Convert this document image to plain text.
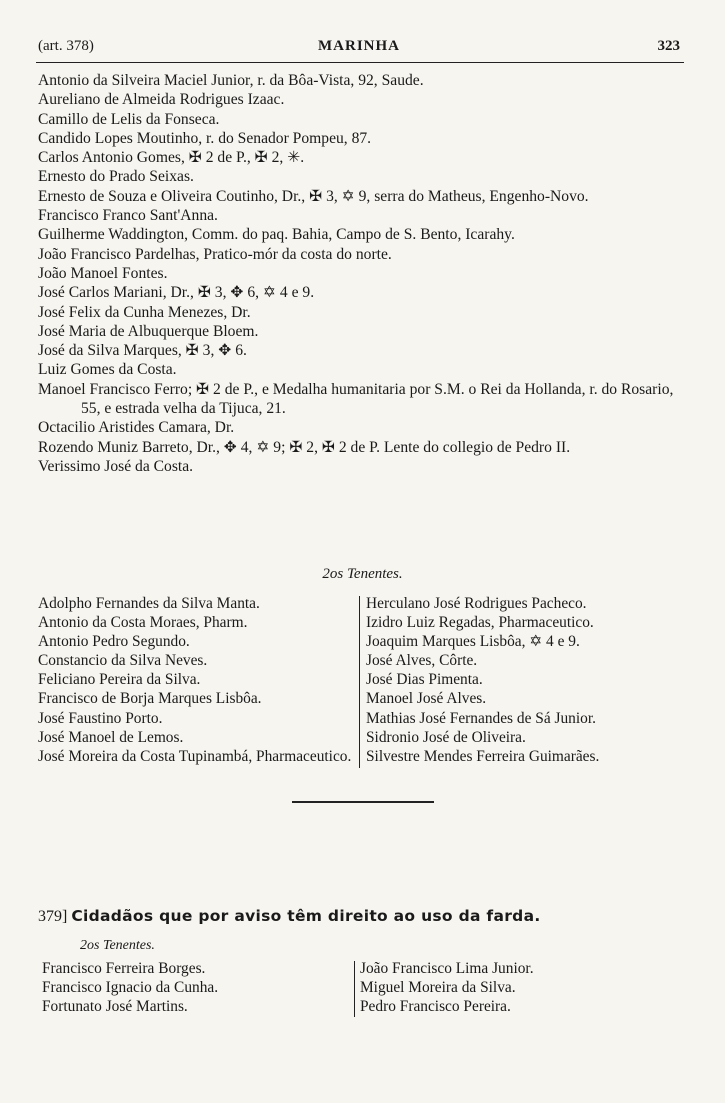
(art. 378)	MARINHA	323
Antonio da Silveira Maciel Junior, r. da Bôa-Vista, 92, Saude.
Aureliano de Almeida Rodrigues Izaac.
Camillo de Lelis da Fonseca.
Candido Lopes Moutinho, r. do Senador Pompeu, 87.
Carlos Antonio Gomes, ✠ 2 de P., ✠ 2, ✳.
Ernesto do Prado Seixas.
Ernesto de Souza e Oliveira Coutinho, Dr., ✠ 3, ✡ 9, serra do Matheus, Engenho-Novo.
Francisco Franco Sant'Anna.
Guilherme Waddington, Comm. do paq. Bahia, Campo de S. Bento, Icarahy.
João Francisco Pardelhas, Pratico-mór da costa do norte.
João Manoel Fontes.
José Carlos Mariani, Dr., ✠ 3, ✥ 6, ✡ 4 e 9.
José Felix da Cunha Menezes, Dr.
José Maria de Albuquerque Bloem.
José da Silva Marques, ✠ 3, ✥ 6.
Luiz Gomes da Costa.
Manoel Francisco Ferro; ✠ 2 de P., e Medalha humanitaria por S.M. o Rei da Hollanda, r. do Rosario, 55, e estrada velha da Tijuca, 21.
Octacilio Aristides Camara, Dr.
Rozendo Muniz Barreto, Dr., ✥ 4, ✡ 9; ✠ 2, ✠ 2 de P. Lente do collegio de Pedro II.
Verissimo José da Costa.
2os Tenentes.
Adolpho Fernandes da Silva Manta.
Antonio da Costa Moraes, Pharm.
Antonio Pedro Segundo.
Constancio da Silva Neves.
Feliciano Pereira da Silva.
Francisco de Borja Marques Lisbôa.
José Faustino Porto.
José Manoel de Lemos.
José Moreira da Costa Tupinambá, Pharmaceutico.
Herculano José Rodrigues Pacheco.
Izidro Luiz Regadas, Pharmaceutico.
Joaquim Marques Lisbôa, ✡ 4 e 9.
José Alves, Côrte.
José Dias Pimenta.
Manoel José Alves.
Mathias José Fernandes de Sá Junior.
Sidronio José de Oliveira.
Silvestre Mendes Ferreira Guimarães.
379] Cidadãos que por aviso têm direito ao uso da farda.
2os Tenentes.
Francisco Ferreira Borges.
Francisco Ignacio da Cunha.
Fortunato José Martins.
João Francisco Lima Junior.
Miguel Moreira da Silva.
Pedro Francisco Pereira.
